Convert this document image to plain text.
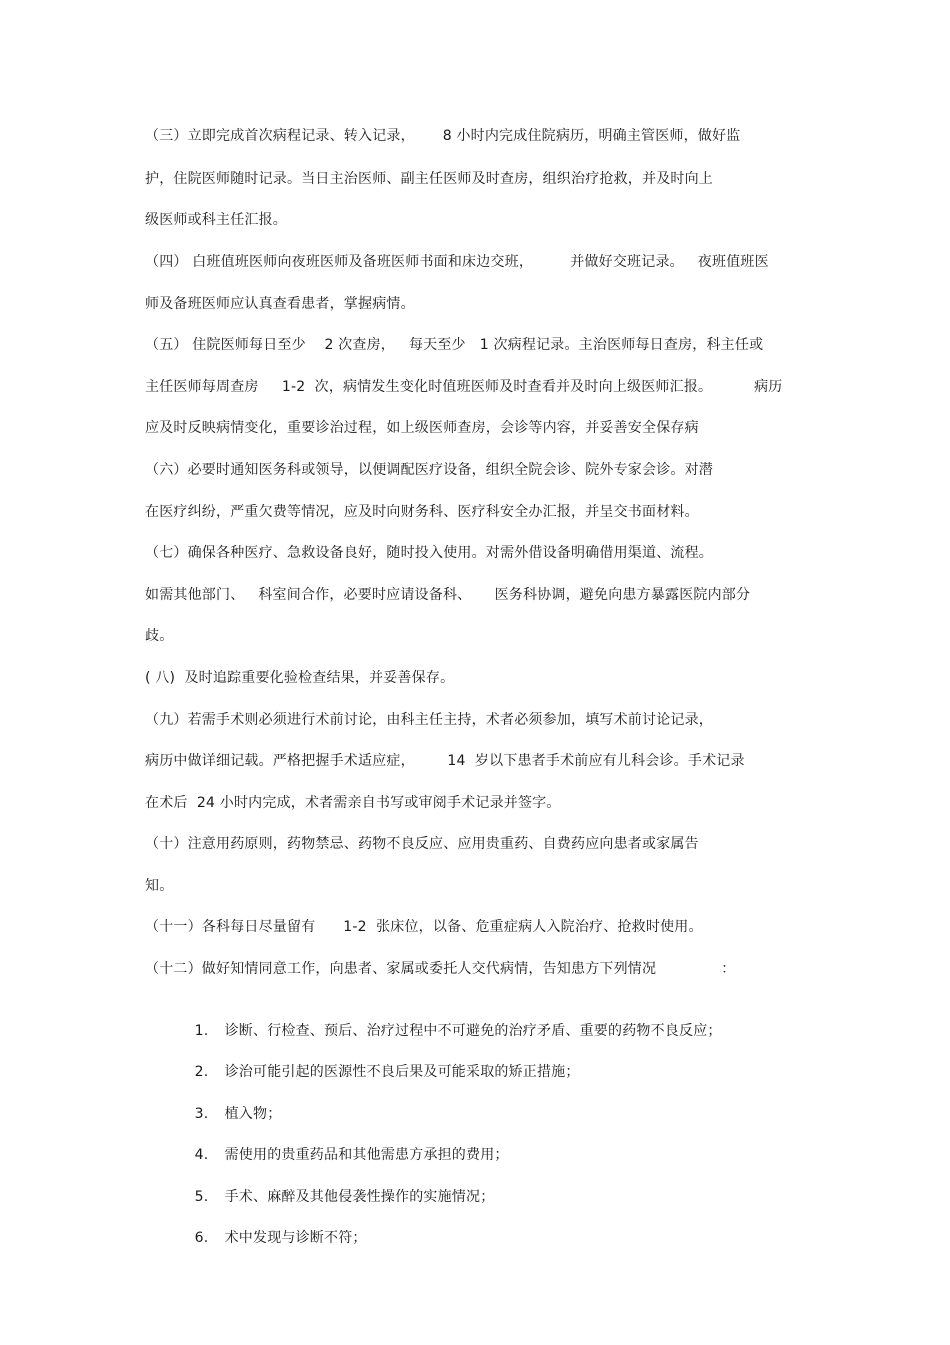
（三）立即完成首次病程记录、转入记录，      8 小时内完成住院病历，明确主管医师，做好监
护，住院医师随时记录。当日主治医师、副主任医师及时查房，组织治疗抢救，并及时向上
级医师或科主任汇报。
（四） 白班值班医师向夜班医师及备班医师书面和床边交班，        并做好交班记录。   夜班值班医
师及备班医师应认真查看患者，掌握病情。
（五） 住院医师每日至少    2 次查房，   每天至少   1 次病程记录。主治医师每日查房，科主任或
主任医师每周查房     1-2  次，病情发生变化时值班医师及时查看并及时向上级医师汇报。         病历
应及时反映病情变化，重要诊治过程，如上级医师查房，会诊等内容，并妥善安全保存病
（六）必要时通知医务科或领导，以便调配医疗设备，组织全院会诊、院外专家会诊。对潜
在医疗纠纷，严重欠费等情况，应及时向财务科、医疗科安全办汇报，并呈交书面材料。
（七）确保各种医疗、急救设备良好，随时投入使用。对需外借设备明确借用渠道、流程。
如需其他部门、   科室间合作，必要时应请设备科、     医务科协调，避免向患方暴露医院内部分
歧。
( 八)  及时追踪重要化验检查结果，并妥善保存。
（九）若需手术则必须进行术前讨论，由科主任主持，术者必须参加，填写术前讨论记录，
病历中做详细记载。严格把握手术适应症，       14  岁以下患者手术前应有儿科会诊。手术记录
在术后  24 小时内完成，术者需亲自书写或审阅手术记录并签字。
（十）注意用药原则，药物禁忌、药物不良反应、应用贵重药、自费药应向患者或家属告
知。
（十一）各科每日尽量留有      1-2  张床位，以备、危重症病人入院治疗、抢救时使用。
（十二）做好知情同意工作，向患者、家属或委托人交代病情，告知患方下列情况              ：

1. 诊断、行检查、预后、治疗过程中不可避免的治疗矛盾、重要的药物不良反应；

2. 诊治可能引起的医源性不良后果及可能采取的矫正措施；

3. 植入物；

4. 需使用的贵重药品和其他需患方承担的费用；

5. 手术、麻醉及其他侵袭性操作的实施情况；

6. 术中发现与诊断不符；
